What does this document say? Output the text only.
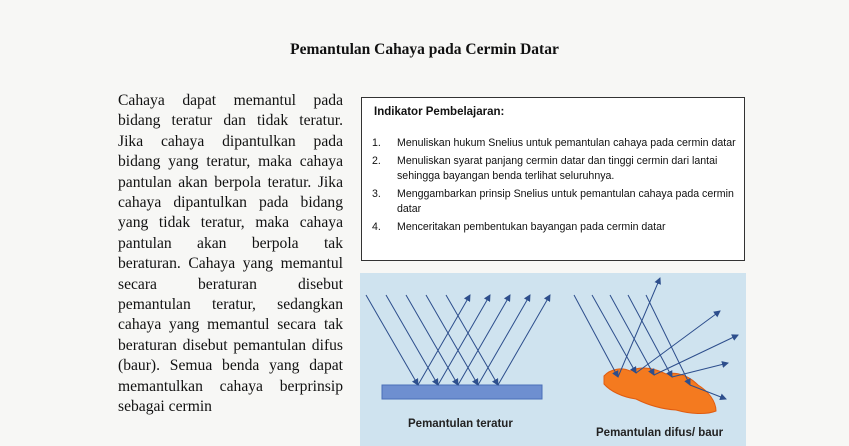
Pemantulan Cahaya pada Cermin Datar
Cahaya dapat memantul pada bidang teratur dan tidak teratur. Jika cahaya dipantulkan pada bidang yang teratur, maka cahaya pantulan akan berpola teratur. Jika cahaya dipantulkan pada bidang yang tidak teratur, maka cahaya pantulan akan berpola tak beraturan. Cahaya yang memantul secara beraturan disebut pemantulan teratur, sedangkan cahaya yang memantul secara tak beraturan disebut pemantulan difus (baur). Semua benda yang dapat memantulkan cahaya berprinsip sebagai cermin
Indikator Pembelajaran:
1. Menuliskan hukum Snelius untuk pemantulan cahaya pada cermin datar
2. Menuliskan syarat panjang cermin datar dan tinggi cermin dari lantai sehingga bayangan benda terlihat seluruhnya.
3. Menggambarkan prinsip Snelius untuk pemantulan cahaya pada cermin datar
4. Menceritakan pembentukan bayangan pada cermin datar
Pemantulan teratur
Pemantulan difus/ baur
